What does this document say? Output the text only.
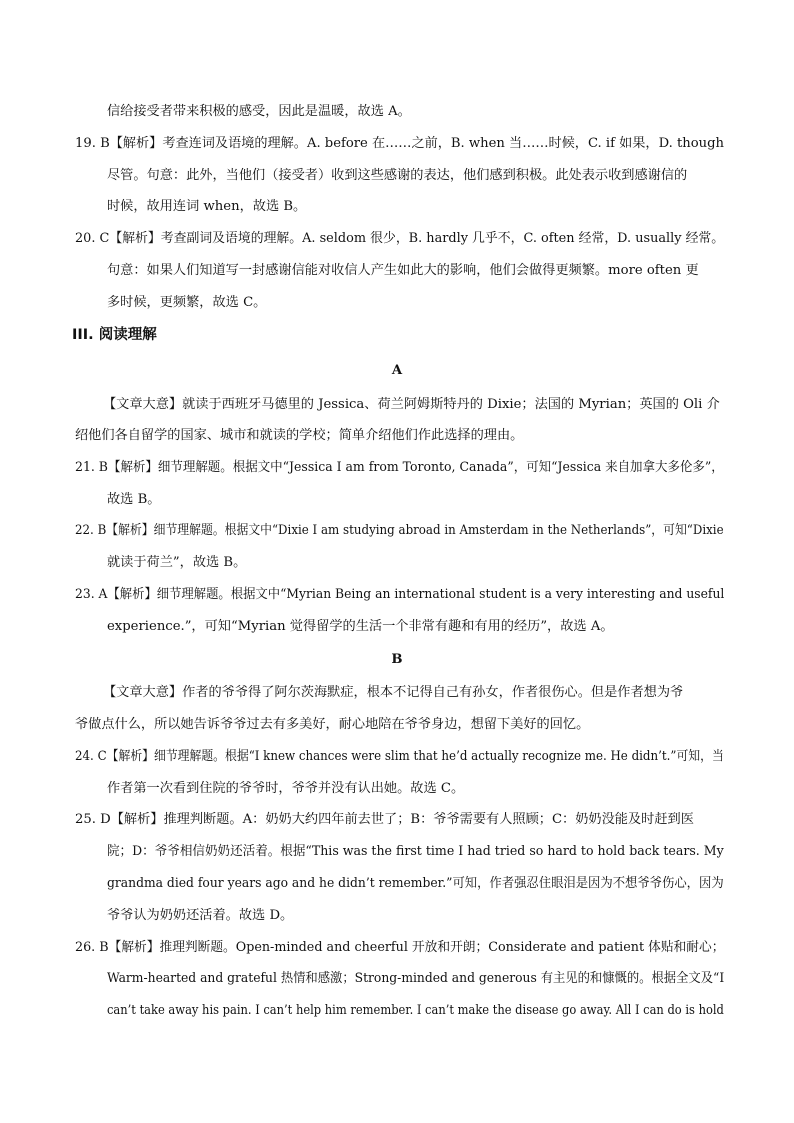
信给接受者带来积极的感受，因此是温暖，故选 A。
19. B【解析】考查连词及语境的理解。A. before 在……之前，B. when 当……时候，C. if 如果，D. though
尽管。句意：此外，当他们（接受者）收到这些感谢的表达，他们感到积极。此处表示收到感谢信的
时候，故用连词 when，故选 B。
20. C【解析】考查副词及语境的理解。A. seldom 很少，B. hardly 几乎不，C. often 经常，D. usually 经常。
句意：如果人们知道写一封感谢信能对收信人产生如此大的影响，他们会做得更频繁。more often 更
多时候，更频繁，故选 C。
III. 阅读理解
A
【文章大意】就读于西班牙马德里的 Jessica、荷兰阿姆斯特丹的 Dixie；法国的 Myrian；英国的 Oli 介
绍他们各自留学的国家、城市和就读的学校；简单介绍他们作此选择的理由。
21. B【解析】细节理解题。根据文中“Jessica I am from Toronto, Canada”，可知“Jessica 来自加拿大多伦多”，
故选 B。
22. B【解析】细节理解题。根据文中“Dixie I am studying abroad in Amsterdam in the Netherlands”，可知“Dixie
就读于荷兰”，故选 B。
23. A【解析】细节理解题。根据文中“Myrian Being an international student is a very interesting and useful
experience.”，可知“Myrian 觉得留学的生活一个非常有趣和有用的经历”，故选 A。
B
【文章大意】作者的爷爷得了阿尔茨海默症，根本不记得自己有孙女，作者很伤心。但是作者想为爷
爷做点什么，所以她告诉爷爷过去有多美好，耐心地陪在爷爷身边，想留下美好的回忆。
24. C【解析】细节理解题。根据“I knew chances were slim that he’d actually recognize me. He didn’t.”可知，当
作者第一次看到住院的爷爷时，爷爷并没有认出她。故选 C。
25. D【解析】推理判断题。A：奶奶大约四年前去世了；B：爷爷需要有人照顾；C：奶奶没能及时赶到医
院；D：爷爷相信奶奶还活着。根据“This was the first time I had tried so hard to hold back tears. My
grandma died four years ago and he didn’t remember.”可知，作者强忍住眼泪是因为不想爷爷伤心，因为
爷爷认为奶奶还活着。故选 D。
26. B【解析】推理判断题。Open-minded and cheerful 开放和开朗；Considerate and patient 体贴和耐心；
Warm-hearted and grateful 热情和感激；Strong-minded and generous 有主见的和慷慨的。根据全文及“I
can’t take away his pain. I can’t help him remember. I can’t make the disease go away. All I can do is hold
